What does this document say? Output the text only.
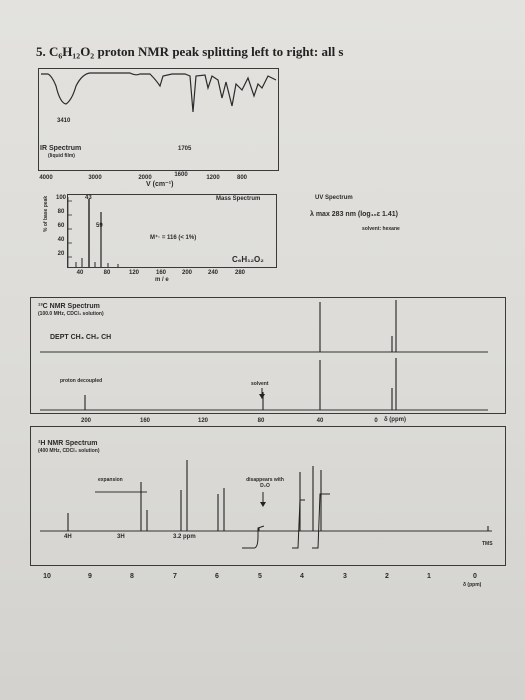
5. C₆H₁₂O₂ proton NMR peak splitting left to right: all s
3410
1705
IR Spectrum
(liquid film)
4000	3000	2000	1600	1200	800
V (cm⁻¹)
Mass Spectrum
% of base peak 100
80
60
40
20
43
59
M⁺· = 116 (< 1%)
C₆H₁₂O₂
40	80	120	160	200	240	280
m / e
UV Spectrum
λ max 283 nm (log₁₀ε 1.41)
solvent: hexane
¹³C NMR Spectrum
(100.0 MHz, CDCl₃ solution)
DEPT CH₃ CH₂ CH
proton decoupled	solvent
200	160	120	80	40	0 δ (ppm)
¹H NMR Spectrum
(400 MHz, CDCl₃ solution)
expansion	disappears with D₂O
4H	3H	3.2 ppm
TMS
10	9	8	7	6	5	4	3	2	1	0
δ (ppm)
